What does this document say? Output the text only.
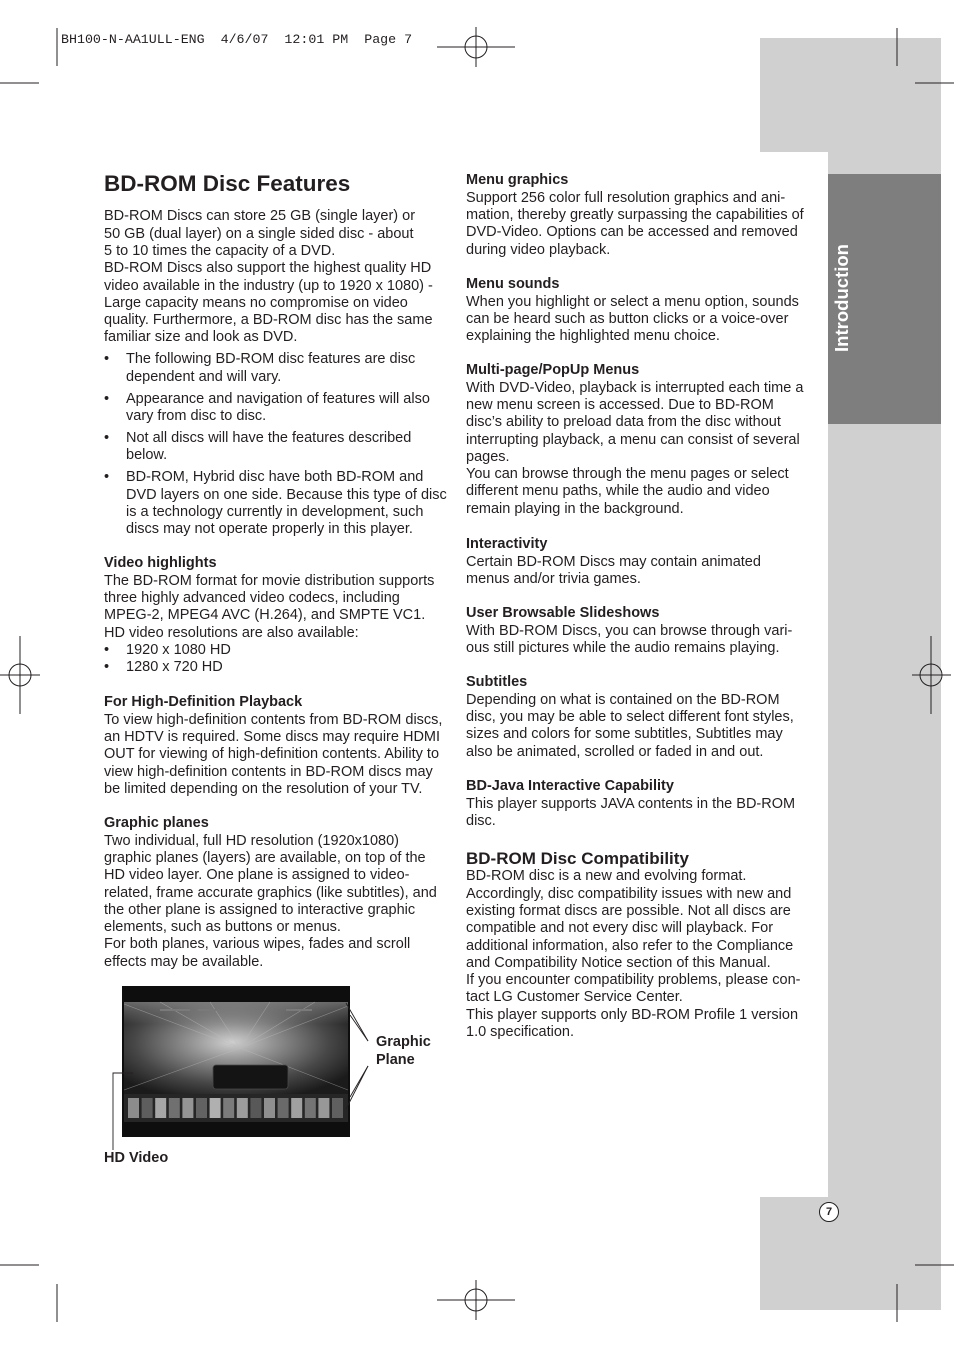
Introduction
BH100-N-AA1ULL-ENG  4/6/07  12:01 PM  Page 7
BD-ROM Disc Features
BD-ROM Discs can store 25 GB (single layer) or
50 GB (dual layer) on a single sided disc - about
5 to 10 times the capacity of a DVD.
BD-ROM Discs also support the highest quality HD
video available in the industry (up to 1920 x 1080) -
Large capacity means no compromise on video
quality. Furthermore, a BD-ROM disc has the same
familiar size and look as DVD.
• The following BD-ROM disc features are disc
dependent and will vary.
• Appearance and navigation of features will also
vary from disc to disc.
• Not all discs will have the features described
below.
• BD-ROM, Hybrid disc have both BD-ROM and
DVD layers on one side. Because this type of disc
is a technology currently in development, such
discs may not operate properly in this player.
Video highlights
The BD-ROM format for movie distribution supports
three highly advanced video codecs, including
MPEG-2, MPEG4 AVC (H.264), and SMPTE VC1.
HD video resolutions are also available:
• 1920 x 1080 HD
• 1280 x 720 HD
For High-Definition Playback
To view high-definition contents from BD-ROM discs,
an HDTV is required. Some discs may require HDMI
OUT for viewing of high-definition contents. Ability to
view high-definition contents in BD-ROM discs may
be limited depending on the resolution of your TV.
Graphic planes
Two individual, full HD resolution (1920x1080)
graphic planes (layers) are available, on top of the
HD video layer. One plane is assigned to video-
related, frame accurate graphics (like subtitles), and
the other plane is assigned to interactive graphic
elements, such as buttons or menus.
For both planes, various wipes, fades and scroll
effects may be available.
Graphic
Plane
HD Video
Menu graphics
Support 256 color full resolution graphics and ani-
mation, thereby greatly surpassing the capabilities of
DVD-Video. Options can be accessed and removed
during video playback.
Menu sounds
When you highlight or select a menu option, sounds
can be heard such as button clicks or a voice-over
explaining the highlighted menu choice.
Multi-page/PopUp Menus
With DVD-Video, playback is interrupted each time a
new menu screen is accessed. Due to BD-ROM
disc’s ability to preload data from the disc without
interrupting playback, a menu can consist of several
pages.
You can browse through the menu pages or select
different menu paths, while the audio and video
remain playing in the background.
Interactivity
Certain BD-ROM Discs may contain animated
menus and/or trivia games.
User Browsable Slideshows
With BD-ROM Discs, you can browse through vari-
ous still pictures while the audio remains playing.
Subtitles
Depending on what is contained on the BD-ROM
disc, you may be able to select different font styles,
sizes and colors for some subtitles, Subtitles may
also be animated, scrolled or faded in and out.
BD-Java Interactive Capability
This player supports JAVA contents in the BD-ROM
disc.
BD-ROM Disc Compatibility
BD-ROM disc is a new and evolving format.
Accordingly, disc compatibility issues with new and
existing format discs are possible. Not all discs are
compatible and not every disc will playback. For
additional information, also refer to the Compliance
and Compatibility Notice section of this Manual.
If you encounter compatibility problems, please con-
tact LG Customer Service Center.
This player supports only BD-ROM Profile 1 version
1.0 specification.
7
